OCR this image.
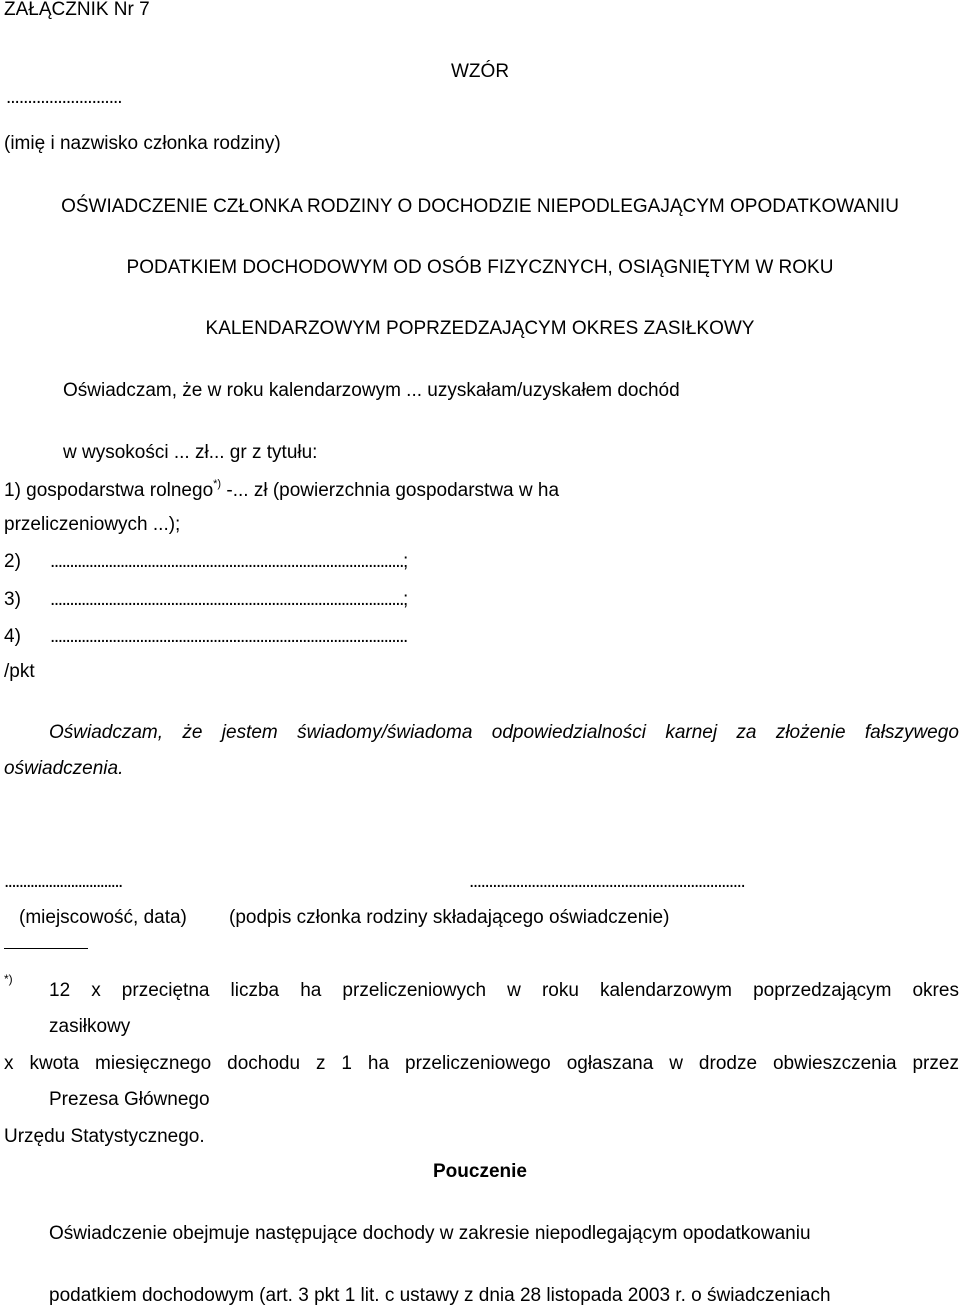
ZAŁĄCZNIK Nr 7
WZÓR
...........................
(imię i nazwisko członka rodziny)
OŚWIADCZENIE CZŁONKA RODZINY O DOCHODZIE NIEPODLEGAJĄCYM OPODATKOWANIU
PODATKIEM DOCHODOWYM OD OSÓB FIZYCZNYCH, OSIĄGNIĘTYM W ROKU
KALENDARZOWYM POPRZEDZAJĄCYM OKRES ZASIŁKOWY
Oświadczam, że w roku kalendarzowym ... uzyskałam/uzyskałem dochód
w wysokości ... zł... gr z tytułu:
1) gospodarstwa rolnego*) -... zł (powierzchnia gospodarstwa w ha
przeliczeniowych ...);
2) ...........................................................................................;
3) ...........................................................................................;
4) ............................................................................................
/pkt
Oświadczam, że jestem świadomy/świadoma odpowiedzialności karnej za złożenie fałszywego
oświadczenia.
................................	.......................................................................
(miejscowość, data) (podpis członka rodziny składającego oświadczenie)
*)
12 x przeciętna liczba ha przeliczeniowych w roku kalendarzowym poprzedzającym okres
zasiłkowy
x kwota miesięcznego dochodu z 1 ha przeliczeniowego ogłaszana w drodze obwieszczenia przez
Prezesa Głównego
Urzędu Statystycznego.
Pouczenie
Oświadczenie obejmuje następujące dochody w zakresie niepodlegającym opodatkowaniu
podatkiem dochodowym (art. 3 pkt 1 lit. c ustawy z dnia 28 listopada 2003 r. o świadczeniach
